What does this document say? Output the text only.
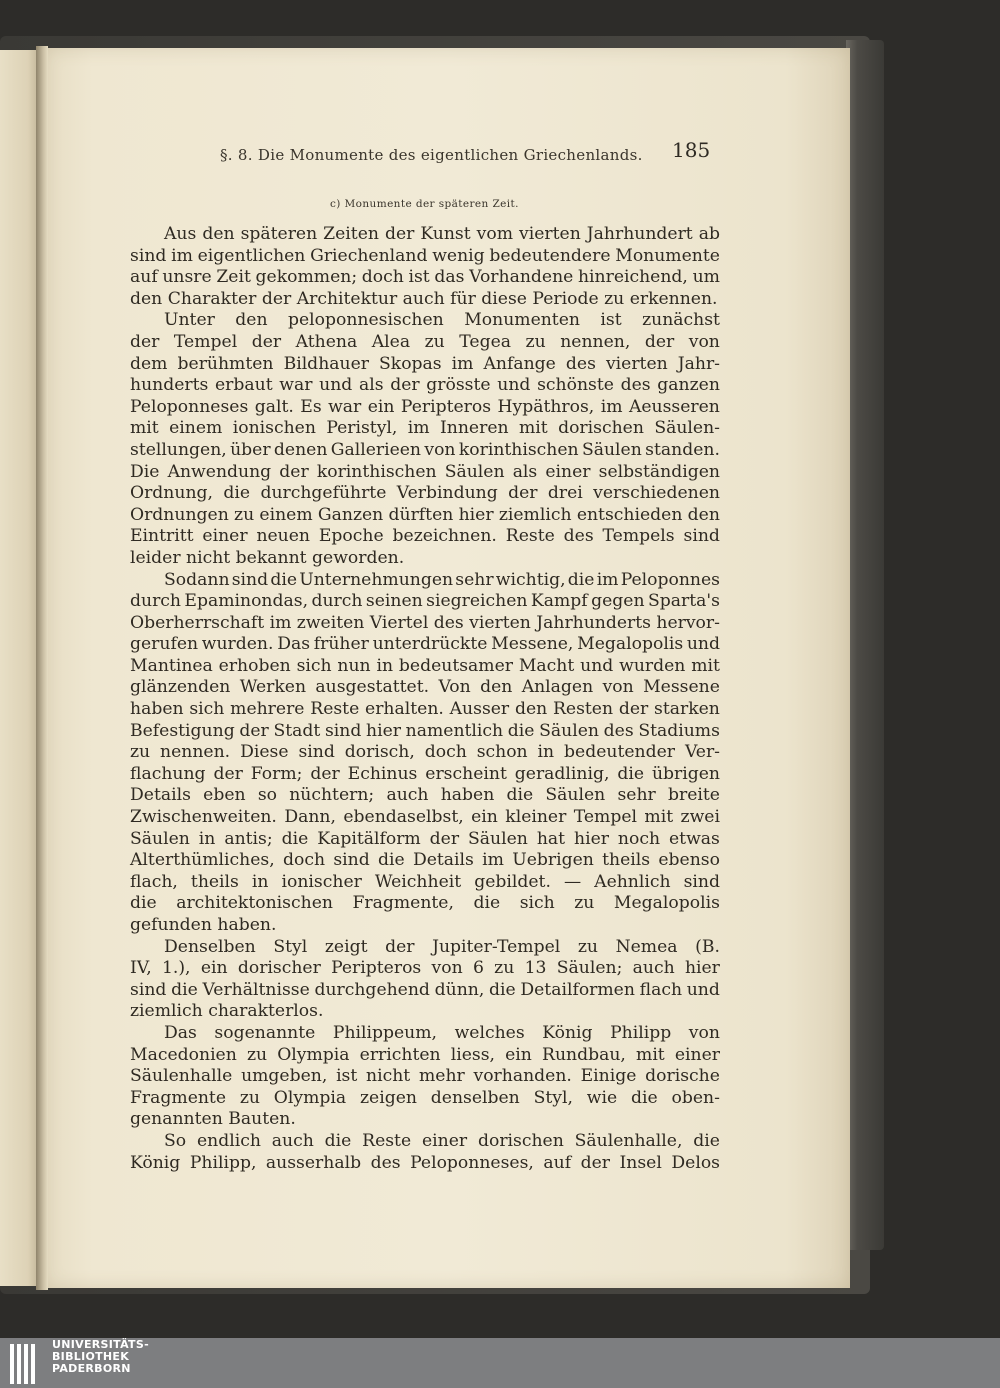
§. 8. Die Monumente des eigentlichen Griechenlands. 185
c) Monumente der späteren Zeit.
Aus den späteren Zeiten der Kunst vom vierten Jahrhundert ab
sind im eigentlichen Griechenland wenig bedeutendere Monumente
auf unsre Zeit gekommen; doch ist das Vorhandene hinreichend, um
den Charakter der Architektur auch für diese Periode zu erkennen.
Unter den peloponnesischen Monumenten ist zunächst
der Tempel der Athena Alea zu Tegea zu nennen, der von
dem berühmten Bildhauer Skopas im Anfange des vierten Jahr-
hunderts erbaut war und als der grösste und schönste des ganzen
Peloponneses galt. Es war ein Peripteros Hypäthros, im Aeusseren
mit einem ionischen Peristyl, im Inneren mit dorischen Säulen-
stellungen, über denen Gallerieen von korinthischen Säulen standen.
Die Anwendung der korinthischen Säulen als einer selbständigen
Ordnung, die durchgeführte Verbindung der drei verschiedenen
Ordnungen zu einem Ganzen dürften hier ziemlich entschieden den
Eintritt einer neuen Epoche bezeichnen. Reste des Tempels sind
leider nicht bekannt geworden.
Sodann sind die Unternehmungen sehr wichtig, die im Peloponnes
durch Epaminondas, durch seinen siegreichen Kampf gegen Sparta's
Oberherrschaft im zweiten Viertel des vierten Jahrhunderts hervor-
gerufen wurden. Das früher unterdrückte Messene, Megalopolis und
Mantinea erhoben sich nun in bedeutsamer Macht und wurden mit
glänzenden Werken ausgestattet. Von den Anlagen von Messene
haben sich mehrere Reste erhalten. Ausser den Resten der starken
Befestigung der Stadt sind hier namentlich die Säulen des Stadiums
zu nennen. Diese sind dorisch, doch schon in bedeutender Ver-
flachung der Form; der Echinus erscheint geradlinig, die übrigen
Details eben so nüchtern; auch haben die Säulen sehr breite
Zwischenweiten. Dann, ebendaselbst, ein kleiner Tempel mit zwei
Säulen in antis; die Kapitälform der Säulen hat hier noch etwas
Alterthümliches, doch sind die Details im Uebrigen theils ebenso
flach, theils in ionischer Weichheit gebildet. — Aehnlich sind
die architektonischen Fragmente, die sich zu Megalopolis
gefunden haben.
Denselben Styl zeigt der Jupiter-Tempel zu Nemea (B.
IV, 1.), ein dorischer Peripteros von 6 zu 13 Säulen; auch hier
sind die Verhältnisse durchgehend dünn, die Detailformen flach und
ziemlich charakterlos.
Das sogenannte Philippeum, welches König Philipp von
Macedonien zu Olympia errichten liess, ein Rundbau, mit einer
Säulenhalle umgeben, ist nicht mehr vorhanden. Einige dorische
Fragmente zu Olympia zeigen denselben Styl, wie die oben-
genannten Bauten.
So endlich auch die Reste einer dorischen Säulenhalle, die
König Philipp, ausserhalb des Peloponneses, auf der Insel Delos
UNIVERSITÄTS-
BIBLIOTHEK
PADERBORN
